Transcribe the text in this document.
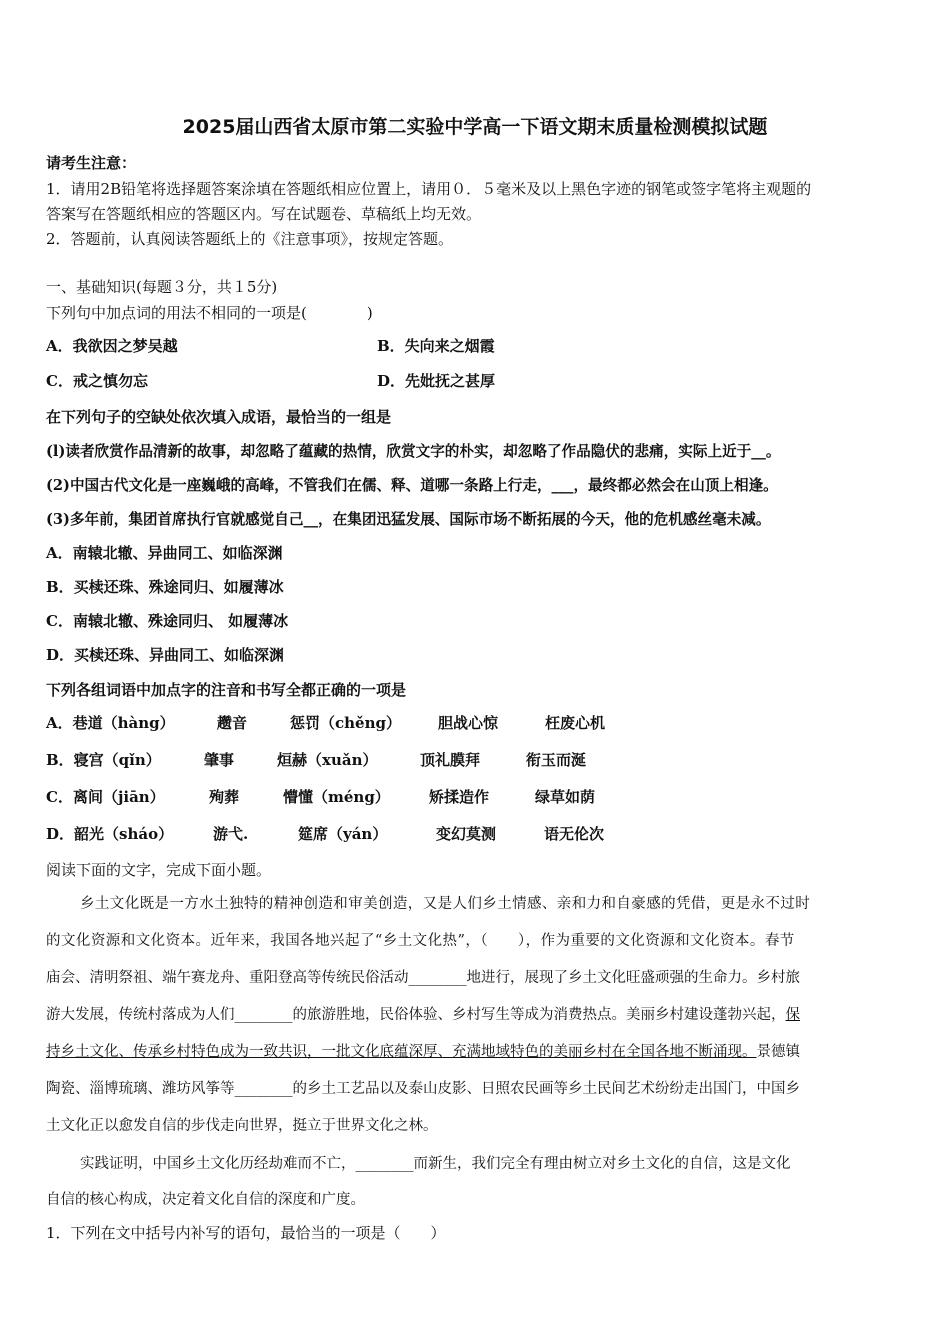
2025届山西省太原市第二实验中学高一下语文期末质量检测模拟试题
请考生注意：
1．请用2B铅笔将选择题答案涂填在答题纸相应位置上，请用０．５毫米及以上黑色字迹的钢笔或签字笔将主观题的
答案写在答题纸相应的答题区内。写在试题卷、草稿纸上均无效。
2．答题前，认真阅读答题纸上的《注意事项》，按规定答题。
一、基础知识(每题３分，共１5分)
下列句中加点词的用法不相同的一项是(　　　　)
A．我欲因之梦吴越	B．失向来之烟霞
C．戒之慎勿忘	D．先妣抚之甚厚
在下列句子的空缺处依次填入成语，最恰当的一组是
(l)读者欣赏作品清新的故事，却忽略了蕴藏的热情，欣赏文字的朴实，却忽略了作品隐伏的悲痛，实际上近于__。
(2)中国古代文化是一座巍峨的高峰，不管我们在儒、释、道哪一条路上行走，___，最终都必然会在山顶上相逢。
(3)多年前，集团首席执行官就感觉自己__，在集团迅猛发展、国际市场不断拓展的今天，他的危机感丝毫未减。
A．南辕北辙、异曲同工、如临深渊
B．买椟还珠、殊途同归、如履薄冰
C．南辕北辙、殊途同归、 如履薄冰
D．买椟还珠、异曲同工、如临深渊
下列各组词语中加点字的注音和书写全都正确的一项是
A．巷道（hàng）	趱音	惩罚（chěng） 胆战心惊	枉废心机
B．寝宫（qǐn）	肇事	烜赫（xuǎn）	顶礼膜拜	衔玉而涎
C．离间（jiān）	殉葬	懵懂（méng）	矫揉造作	绿草如荫
D．韶光（sháo）	游弋.	筵席（yán）	变幻莫测	语无伦次
阅读下面的文字，完成下面小题。
乡土文化既是一方水土独特的精神创造和审美创造，又是人们乡土情感、亲和力和自豪感的凭借，更是永不过时
的文化资源和文化资本。近年来，我国各地兴起了“乡土文化热”，（　　），作为重要的文化资源和文化资本。春节
庙会、清明祭祖、端午赛龙舟、重阳登高等传统民俗活动________地进行，展现了乡土文化旺盛顽强的生命力。乡村旅
游大发展，传统村落成为人们________的旅游胜地，民俗体验、乡村写生等成为消费热点。美丽乡村建设蓬勃兴起，保
持乡土文化、传承乡村特色成为一致共识，一批文化底蕴深厚、充满地域特色的美丽乡村在全国各地不断涌现。景德镇
陶瓷、淄博琉璃、潍坊风筝等________的乡土工艺品以及泰山皮影、日照农民画等乡土民间艺术纷纷走出国门，中国乡
土文化正以愈发自信的步伐走向世界，挺立于世界文化之林。
实践证明，中国乡土文化历经劫难而不亡，________而新生，我们完全有理由树立对乡土文化的自信，这是文化
自信的核心构成，决定着文化自信的深度和广度。
1．下列在文中括号内补写的语句，最恰当的一项是（　　）
